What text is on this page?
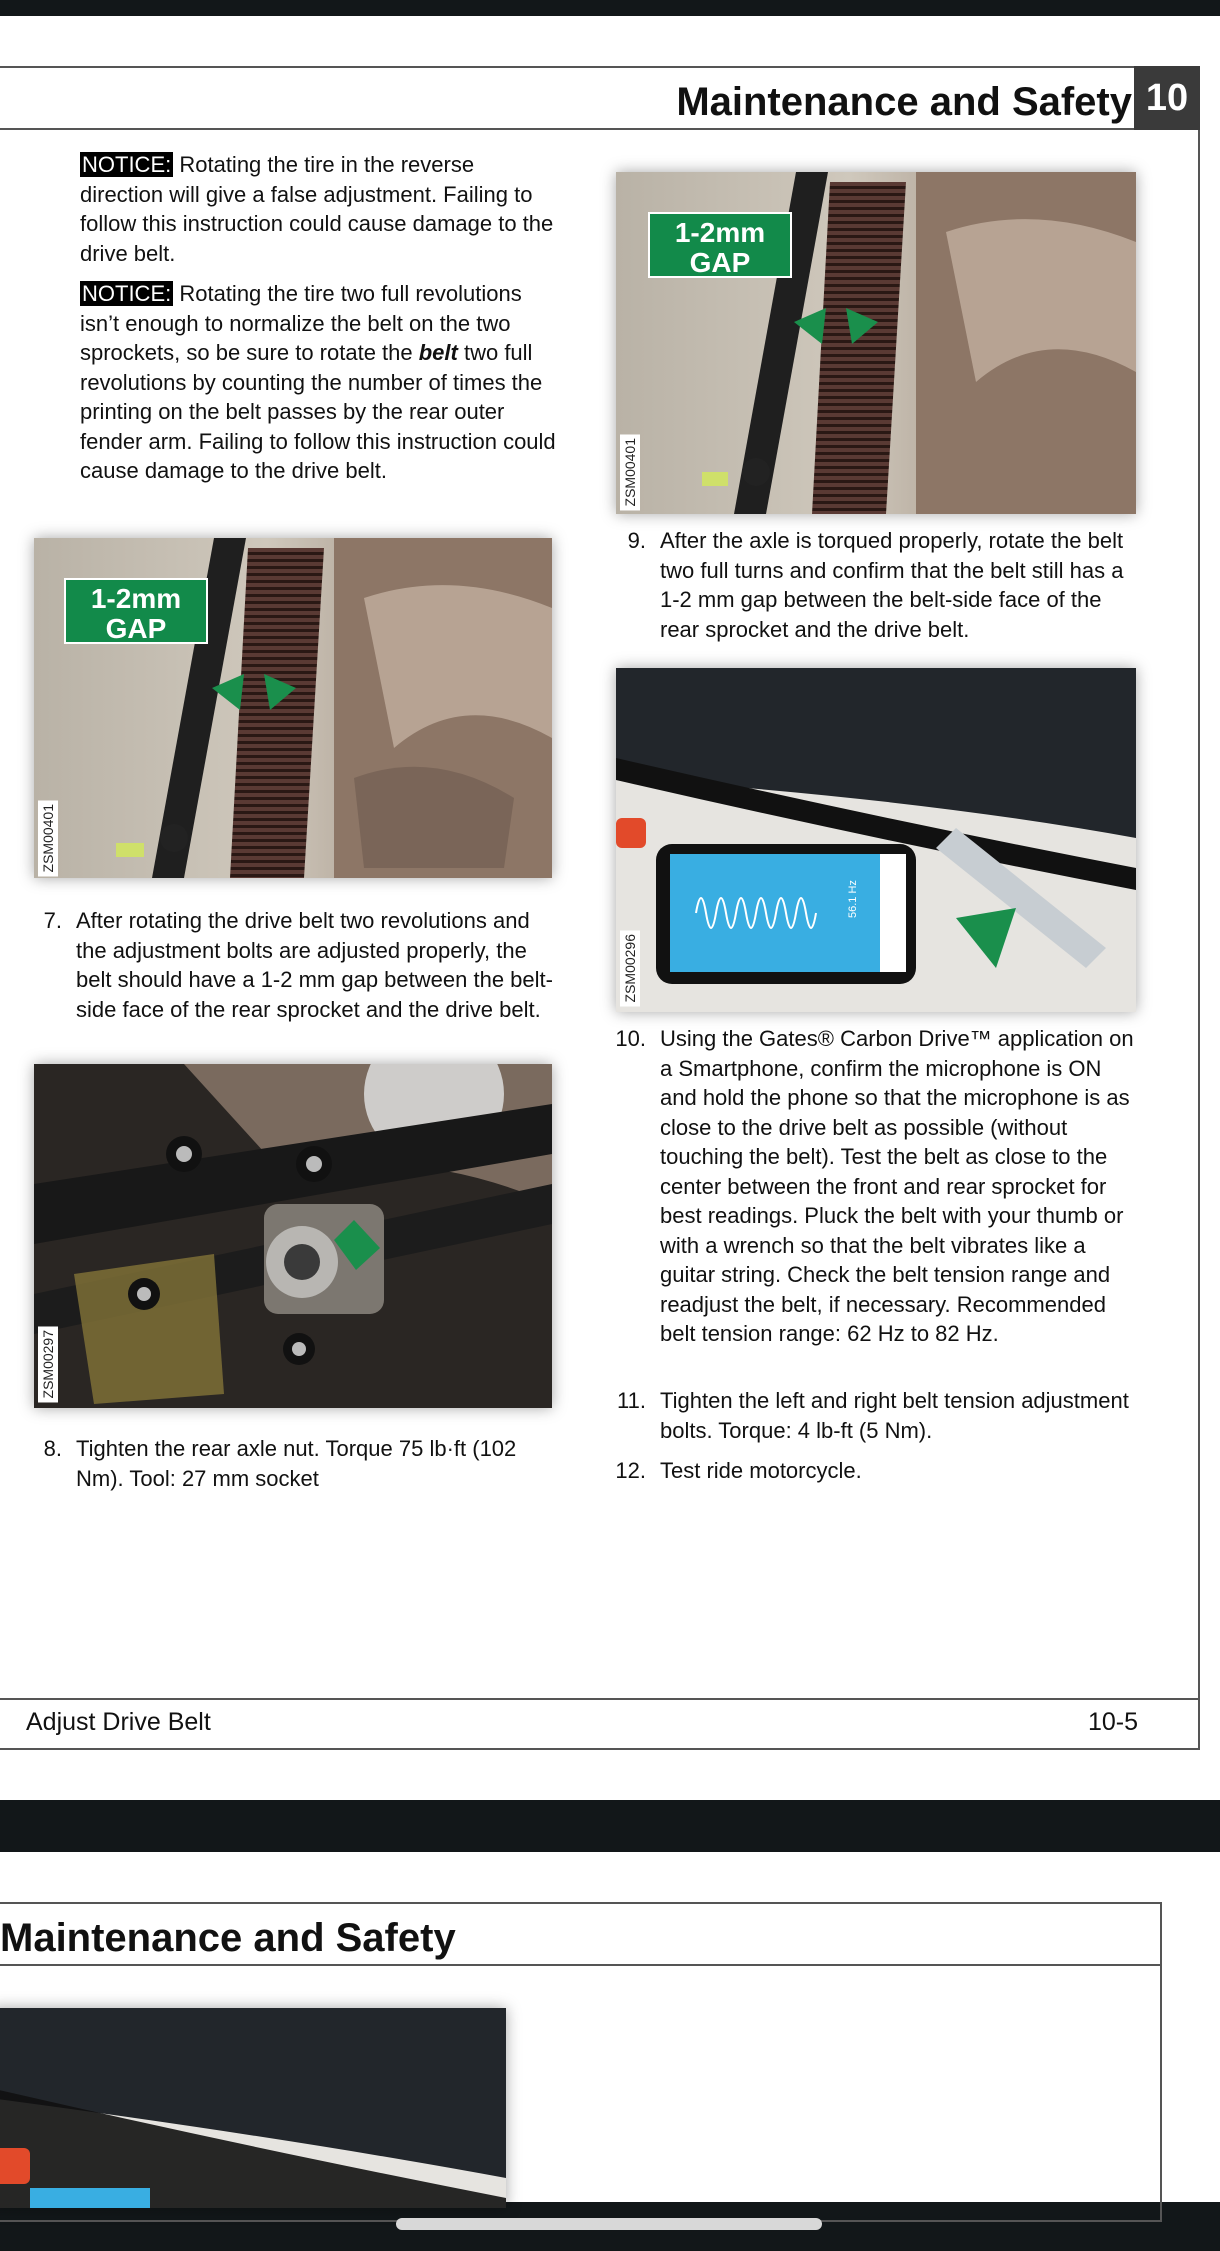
Maintenance and Safety 10
NOTICE: Rotating the tire in the reverse direction will give a false adjustment. Failing to follow this instruction could cause damage to the drive belt.
NOTICE: Rotating the tire two full revolutions isn’t enough to normalize the belt on the two sprockets, so be sure to rotate the belt two full revolutions by counting the number of times the printing on the belt passes by the rear outer fender arm. Failing to follow this instruction could cause damage to the drive belt.
1-2mm
GAP
ZSM00401
7. After rotating the drive belt two revolutions and the adjustment bolts are adjusted properly, the belt should have a 1-2 mm gap between the belt-side face of the rear sprocket and the drive belt.
ZSM00297
8. Tighten the rear axle nut. Torque 75 lb·ft (102 Nm). Tool: 27 mm socket
1-2mm
GAP
ZSM00401
9. After the axle is torqued properly, rotate the belt two full turns and confirm that the belt still has a 1-2 mm gap between the belt-side face of the rear sprocket and the drive belt.
56.1 Hz
ZSM00296
10. Using the Gates® Carbon Drive™ application on a Smartphone, confirm the microphone is ON and hold the phone so that the microphone is as close to the drive belt as possible (without touching the belt). Test the belt as close to the center between the front and rear sprocket for best readings. Pluck the belt with your thumb or with a wrench so that the belt vibrates like a guitar string. Check the belt tension range and readjust the belt, if necessary. Recommended belt tension range: 62 Hz to 82 Hz.
11. Tighten the left and right belt tension adjustment bolts. Torque: 4 lb-ft (5 Nm).
12. Test ride motorcycle.
Adjust Drive Belt	10-5
Maintenance and Safety
